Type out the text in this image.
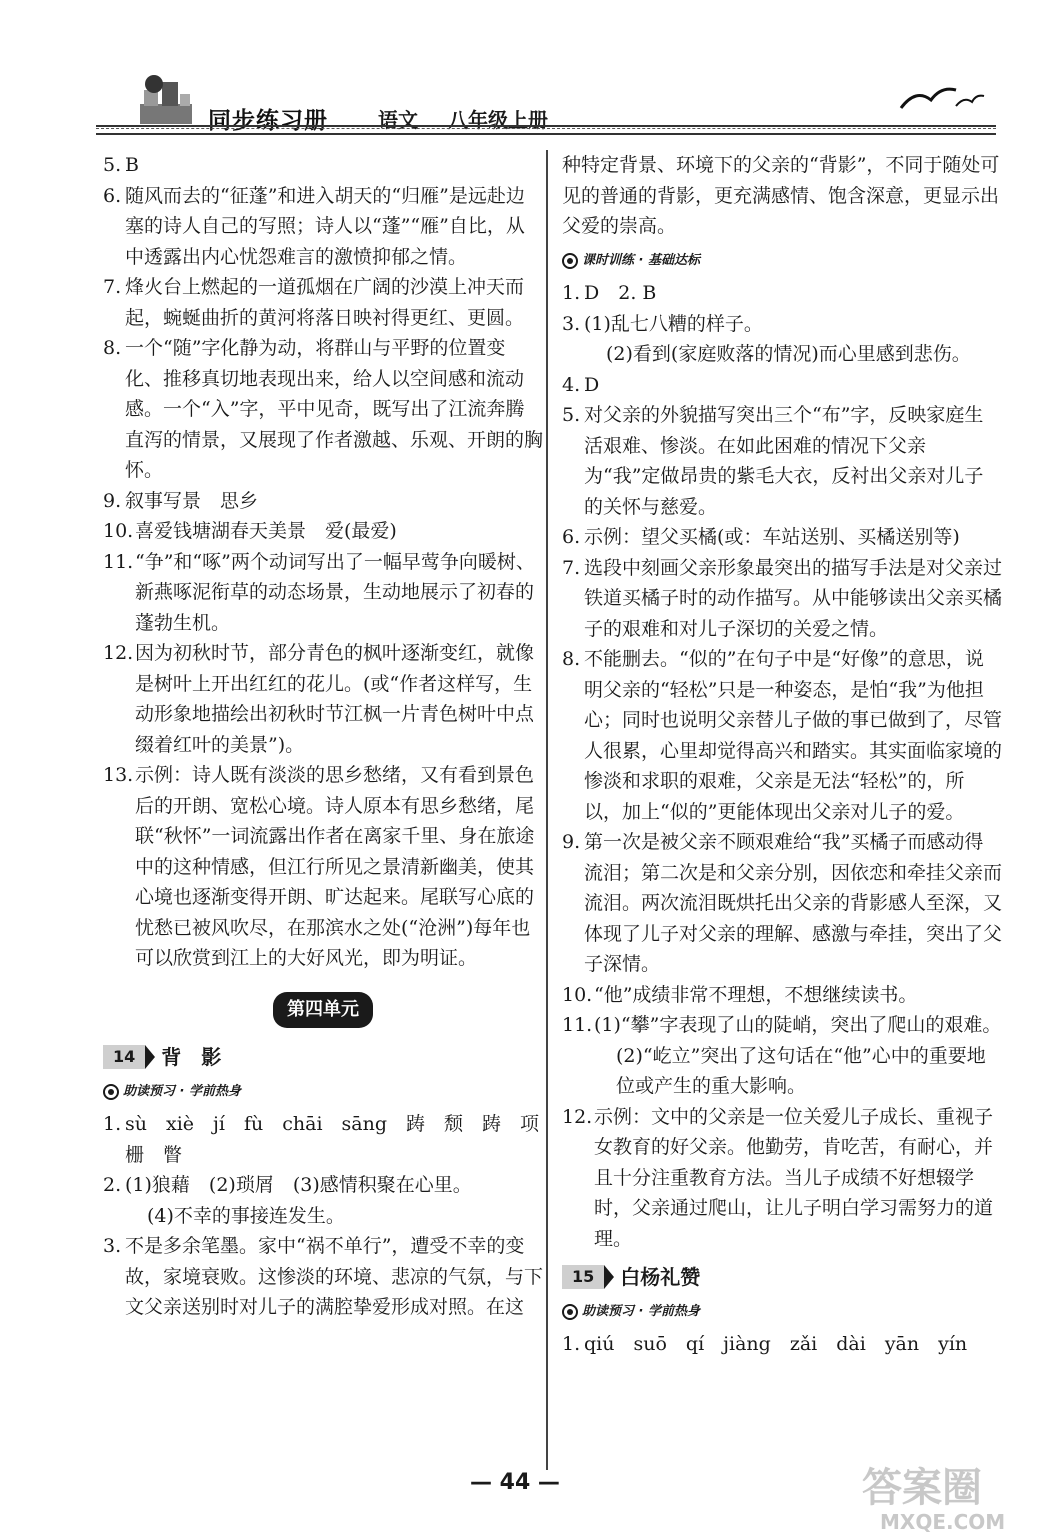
同步练习册	语文 八年级上册
5. B
6. 随风而去的“征蓬”和进入胡天的“归雁”是远赴边塞的诗人自己的写照；诗人以“蓬”“雁”自比，从中透露出内心忧怨难言的激愤抑郁之情。
7. 烽火台上燃起的一道孤烟在广阔的沙漠上冲天而起，蜿蜒曲折的黄河将落日映衬得更红、更圆。
8. 一个“随”字化静为动，将群山与平野的位置变化、推移真切地表现出来，给人以空间感和流动感。一个“入”字，平中见奇，既写出了江流奔腾直泻的情景，又展现了作者激越、乐观、开朗的胸怀。
9. 叙事写景　思乡
10. 喜爱钱塘湖春天美景　爱(最爱)
11. “争”和“啄”两个动词写出了一幅早莺争向暖树、新燕啄泥衔草的动态场景，生动地展示了初春的蓬勃生机。
12. 因为初秋时节，部分青色的枫叶逐渐变红，就像是树叶上开出红红的花儿。(或“作者这样写，生动形象地描绘出初秋时节江枫一片青色树叶中点缀着红叶的美景”)。
13. 示例：诗人既有淡淡的思乡愁绪，又有看到景色后的开朗、宽松心境。诗人原本有思乡愁绪，尾联“秋怀”一词流露出作者在离家千里、身在旅途中的这种情感，但江行所见之景清新幽美，使其心境也逐渐变得开朗、旷达起来。尾联写心底的忧愁已被风吹尽，在那滨水之处(“沧洲”)每年也可以欣赏到江上的大好风光，即为明证。
第四单元
14	背　影
助读预习 · 学前热身
1. sù　xiè　jí　fù　chāi　sāng　踌　颓　踌　项　栅　瞥
2. (1)狼藉　(2)琐屑　(3)感情积聚在心里。
(4)不幸的事接连发生。
3. 不是多余笔墨。家中“祸不单行”，遭受不幸的变故，家境衰败。这惨淡的环境、悲凉的气氛，与下文父亲送别时对儿子的满腔挚爱形成对照。在这
种特定背景、环境下的父亲的“背影”，不同于随处可见的普通的背影，更充满感情、饱含深意，更显示出父爱的崇高。
课时训练 · 基础达标
1. D　2. B
3. (1)乱七八糟的样子。
(2)看到(家庭败落的情况)而心里感到悲伤。
4. D
5. 对父亲的外貌描写突出三个“布”字，反映家庭生活艰难、惨淡。在如此困难的情况下父亲为“我”定做昂贵的紫毛大衣，反衬出父亲对儿子的关怀与慈爱。
6. 示例：望父买橘(或：车站送别、买橘送别等)
7. 选段中刻画父亲形象最突出的描写手法是对父亲过铁道买橘子时的动作描写。从中能够读出父亲买橘子的艰难和对儿子深切的关爱之情。
8. 不能删去。“似的”在句子中是“好像”的意思，说明父亲的“轻松”只是一种姿态，是怕“我”为他担心；同时也说明父亲替儿子做的事已做到了，尽管人很累，心里却觉得高兴和踏实。其实面临家境的惨淡和求职的艰难，父亲是无法“轻松”的，所以，加上“似的”更能体现出父亲对儿子的爱。
9. 第一次是被父亲不顾艰难给“我”买橘子而感动得流泪；第二次是和父亲分别，因依恋和牵挂父亲而流泪。两次流泪既烘托出父亲的背影感人至深，又体现了儿子对父亲的理解、感激与牵挂，突出了父子深情。
10. “他”成绩非常不理想，不想继续读书。
11. (1)“攀”字表现了山的陡峭，突出了爬山的艰难。
(2)“屹立”突出了这句话在“他”心中的重要地位或产生的重大影响。
12. 示例：文中的父亲是一位关爱儿子成长、重视子女教育的好父亲。他勤劳，肯吃苦，有耐心，并且十分注重教育方法。当儿子成绩不好想辍学时，父亲通过爬山，让儿子明白学习需努力的道理。
15	白杨礼赞
助读预习 · 学前热身
1. qiú　suō　qí　jiàng　zǎi　dài　yān　yín
— 44 —	答案圈
MXQE.COM
